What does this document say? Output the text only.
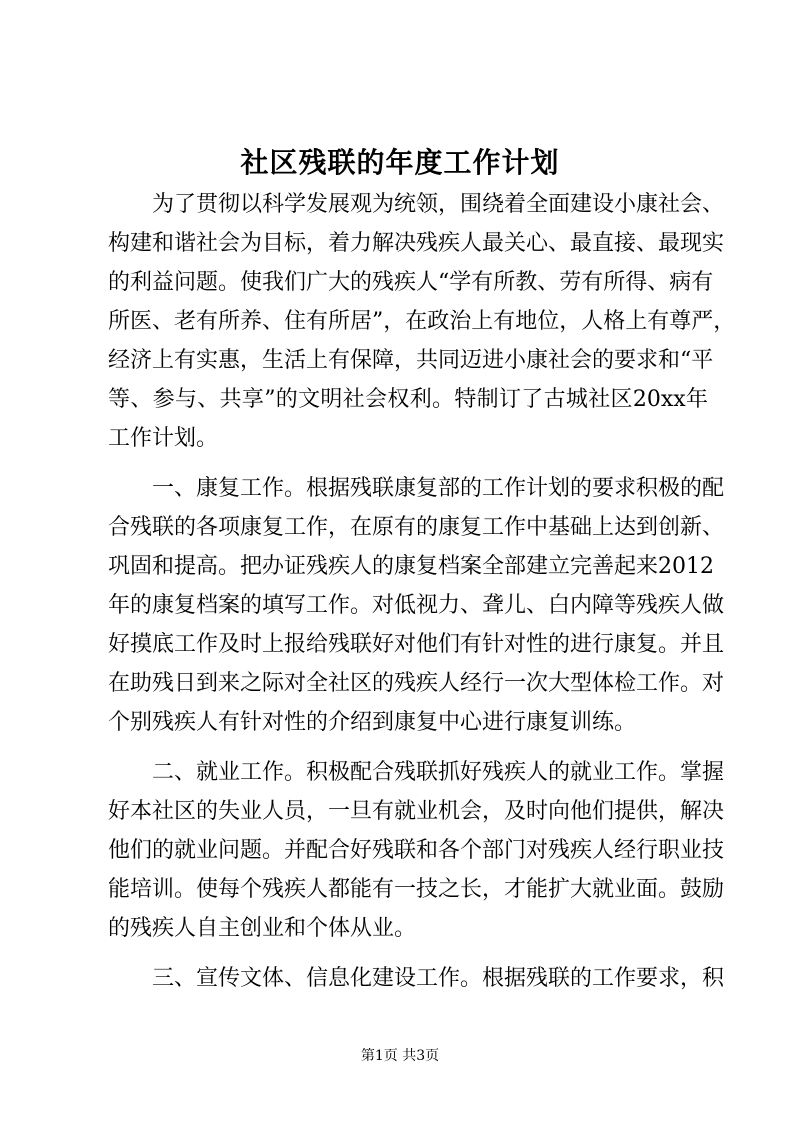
社区残联的年度工作计划

为了贯彻以科学发展观为统领，围绕着全面建设小康社会、

构建和谐社会为目标，着力解决残疾人最关心、最直接、最现实

的利益问题。使我们广大的残疾人“学有所教、劳有所得、病有

所医、老有所养、住有所居”，在政治上有地位，人格上有尊严，

经济上有实惠，生活上有保障，共同迈进小康社会的要求和“平

等、参与、共享”的文明社会权利。特制订了古城社区20xx年

工作计划。

一、康复工作。根据残联康复部的工作计划的要求积极的配

合残联的各项康复工作，在原有的康复工作中基础上达到创新、

巩固和提高。把办证残疾人的康复档案全部建立完善起来2012

年的康复档案的填写工作。对低视力、聋儿、白内障等残疾人做

好摸底工作及时上报给残联好对他们有针对性的进行康复。并且

在助残日到来之际对全社区的残疾人经行一次大型体检工作。对

个别残疾人有针对性的介绍到康复中心进行康复训练。

二、就业工作。积极配合残联抓好残疾人的就业工作。掌握

好本社区的失业人员，一旦有就业机会，及时向他们提供，解决

他们的就业问题。并配合好残联和各个部门对残疾人经行职业技

能培训。使每个残疾人都能有一技之长，才能扩大就业面。鼓励

的残疾人自主创业和个体从业。

三、宣传文体、信息化建设工作。根据残联的工作要求，积

第1页 共3页
